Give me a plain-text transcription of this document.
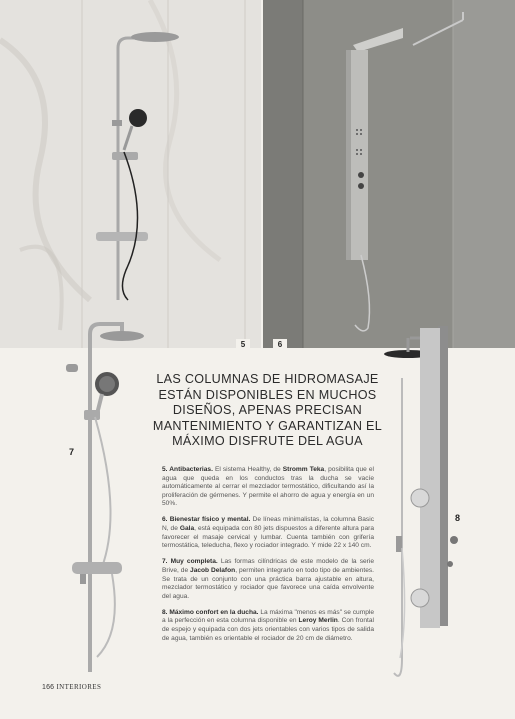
5	6
7
8
LAS COLUMNAS DE HIDROMASAJE ESTÁN DISPONIBLES EN MUCHOS DISEÑOS, APENAS PRECISAN MANTENIMIENTO Y GARANTIZAN EL MÁXIMO DISFRUTE DEL AGUA

5. Antibacterias. El sistema Healthy, de Stromm Teka, posibilita que el agua que queda en los conductos tras la ducha se vacíe automáticamente al cerrar el mezclador termostático, dificultando así la proliferación de gérmenes. Y permite el ahorro de agua y energía en un 50%.

6. Bienestar físico y mental. De líneas minimalistas, la columna Basic N, de Gala, está equipada con 80 jets dispuestos a diferente altura para favorecer el masaje cervical y lumbar. Cuenta también con grifería termostática, teleducha, flexo y rociador integrado. Y mide 22 x 140 cm.

7. Muy completa. Las formas cilíndricas de este modelo de la serie Brive, de Jacob Delafon, permiten integrarlo en todo tipo de ambientes. Se trata de un conjunto con una práctica barra ajustable en altura, mezclador termostático y rociador que favorece una caída envolvente del agua.

8. Máximo confort en la ducha. La máxima "menos es más" se cumple a la perfección en esta columna disponible en Leroy Merlin. Con frontal de espejo y equipada con dos jets orientables con varios tipos de salida de agua, también es orientable el rociador de 20 cm de diámetro.

166 INTERIORES
